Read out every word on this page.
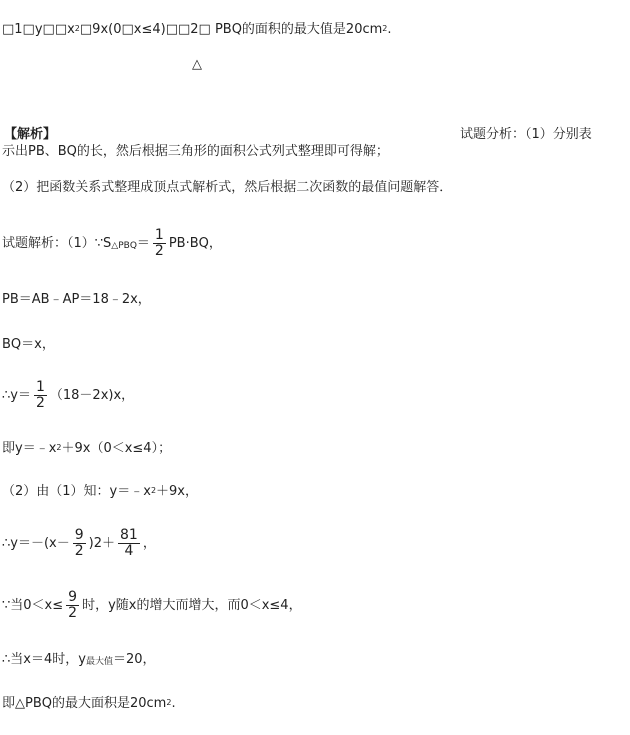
$□1□y□□x^2□9x(0□x\le 4)□□2□$ PBQ的面积的最大值是$20cm^2$.
△
【解析】	试题分析：（1）分别表
示出PB、BQ的长，然后根据三角形的面积公式列式整理即可得解；
（2）把函数关系式整理成顶点式解析式，然后根据二次函数的最值问题解答．
试题解析：（1）∵S△PBQ＝ $\frac{1}{2} PB\cdot BQ$，
PB＝AB﹣AP＝18﹣2x，
BQ＝x，
∴y＝ $\frac{1}{2} (18-2x)x$，
即$y=﹣x^2+9x(0<x\le 4)$；
（2）由（1）知：$y=﹣x^2+9x$，
∴y＝－(x－ $\frac{9}{2} )2+ \frac{81}{4}$ ，
∵当$0<x\le \frac{9}{2}$ 时，y随x的增大而增大，而0＜x≤4，
∴当x＝4时，y最大值＝20，
即△PBQ的最大面积是$20cm^2$.
